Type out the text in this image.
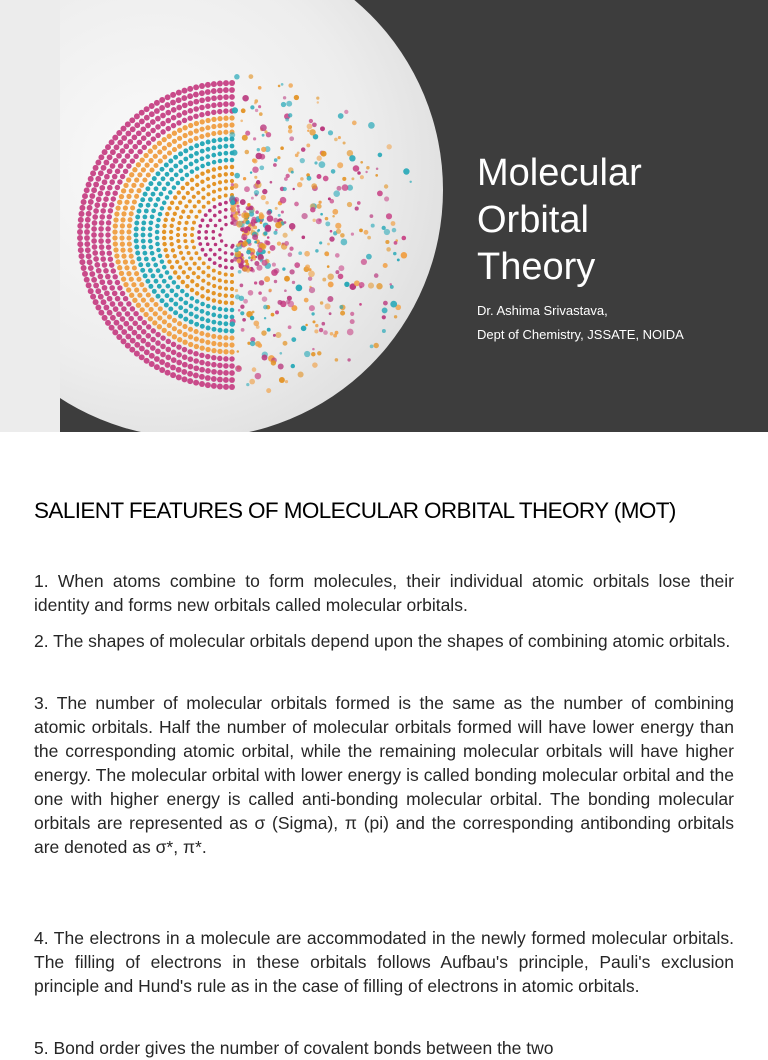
Molecular
Orbital
Theory
Dr. Ashima Srivastava,
Dept of Chemistry, JSSATE, NOIDA
SALIENT FEATURES OF MOLECULAR ORBITAL THEORY (MOT)

1. When atoms combine to form molecules, their individual atomic orbitals lose their identity and forms new orbitals called molecular orbitals.

2. The shapes of molecular orbitals depend upon the shapes of combining atomic orbitals.

3. The number of molecular orbitals formed is the same as the number of combining atomic orbitals. Half the number of molecular orbitals formed will have lower energy than the corresponding atomic orbital, while the remaining molecular orbitals will have higher energy. The molecular orbital with lower energy is called bonding molecular orbital and the one with higher energy is called anti-bonding molecular orbital. The bonding molecular orbitals are represented as σ (Sigma), π (pi) and the corresponding antibonding orbitals are denoted as σ*, π*.

4. The electrons in a molecule are accommodated in the newly formed molecular orbitals. The filling of electrons in these orbitals follows Aufbau's principle, Pauli's exclusion principle and Hund's rule as in the case of filling of electrons in atomic orbitals.

5. Bond order gives the number of covalent bonds between the two
